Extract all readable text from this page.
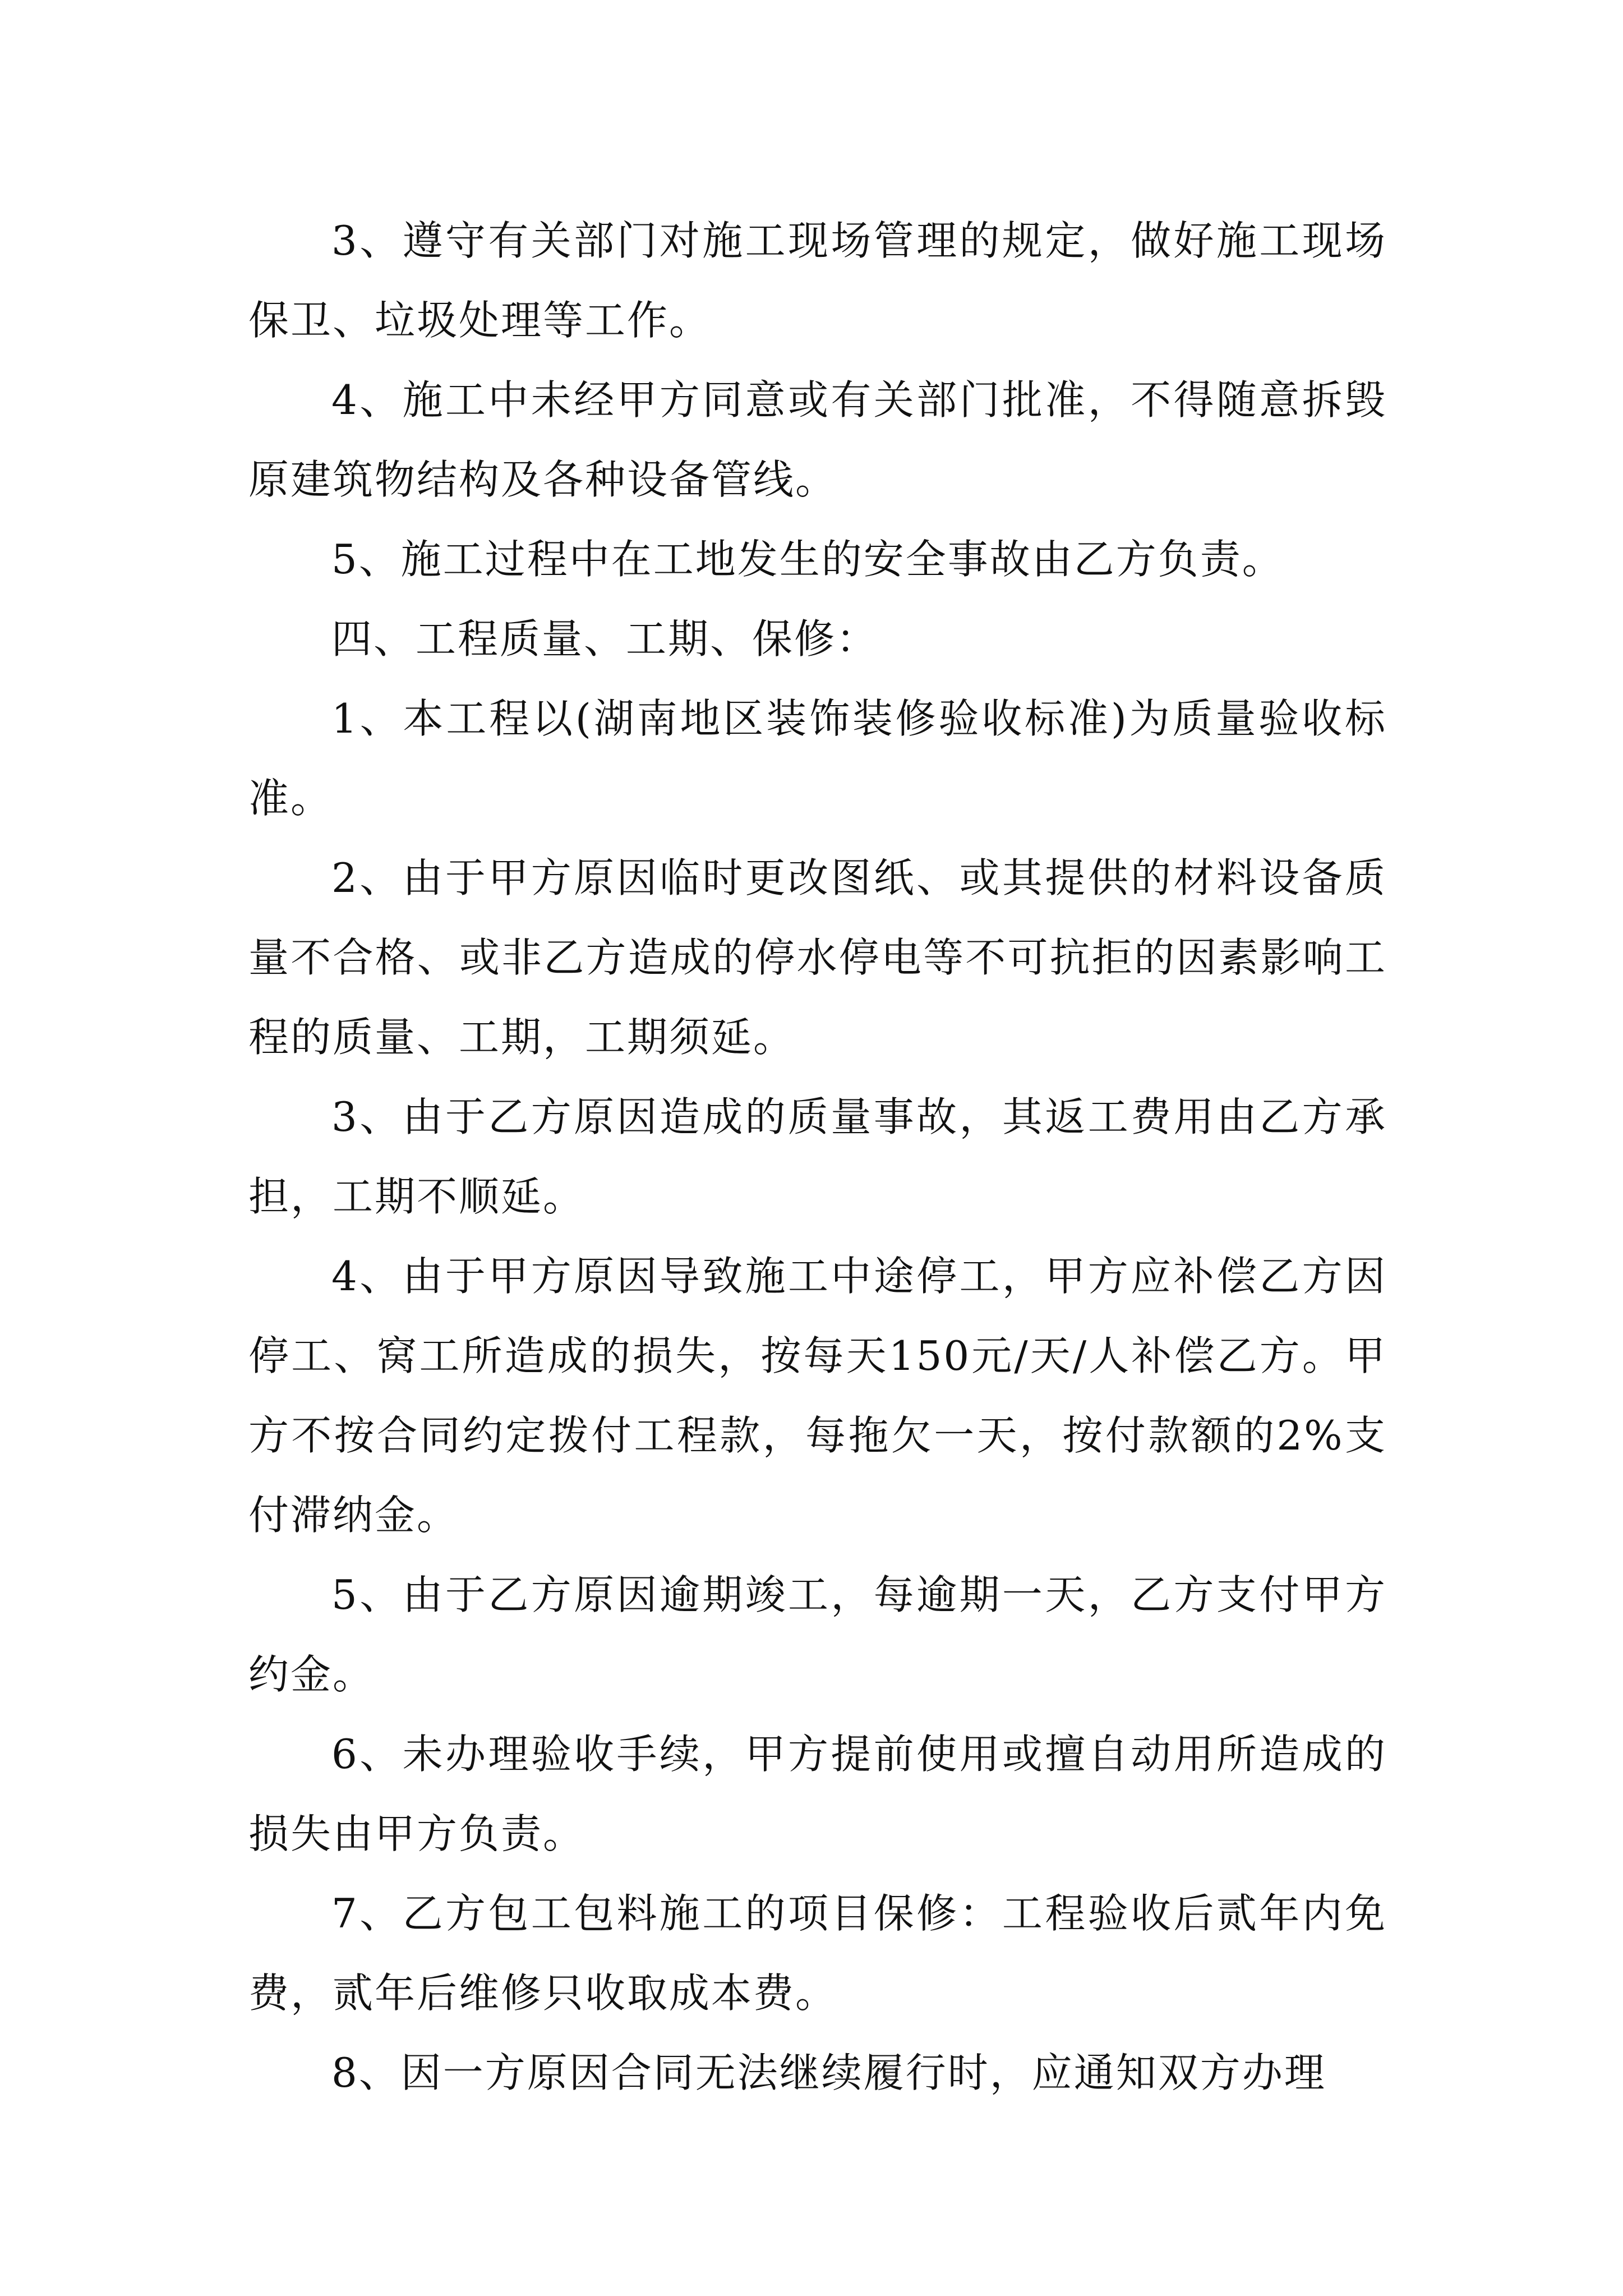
3、遵守有关部门对施工现场管理的规定，做好施工现场保卫、垃圾处理等工作。

4、施工中未经甲方同意或有关部门批准，不得随意拆毁原建筑物结构及各种设备管线。

5、施工过程中在工地发生的安全事故由乙方负责。

四、工程质量、工期、保修：

1、本工程以(湖南地区装饰装修验收标准)为质量验收标准。

2、由于甲方原因临时更改图纸、或其提供的材料设备质量不合格、或非乙方造成的停水停电等不可抗拒的因素影响工程的质量、工期，工期须延。

3、由于乙方原因造成的质量事故，其返工费用由乙方承担，工期不顺延。

4、由于甲方原因导致施工中途停工，甲方应补偿乙方因停工、窝工所造成的损失，按每天150元/天/人补偿乙方。甲方不按合同约定拨付工程款，每拖欠一天，按付款额的2%支付滞纳金。

5、由于乙方原因逾期竣工，每逾期一天，乙方支付甲方约金。

6、未办理验收手续，甲方提前使用或擅自动用所造成的损失由甲方负责。

7、乙方包工包料施工的项目保修：工程验收后贰年内免费，贰年后维修只收取成本费。

8、因一方原因合同无法继续履行时，应通知双方办理
